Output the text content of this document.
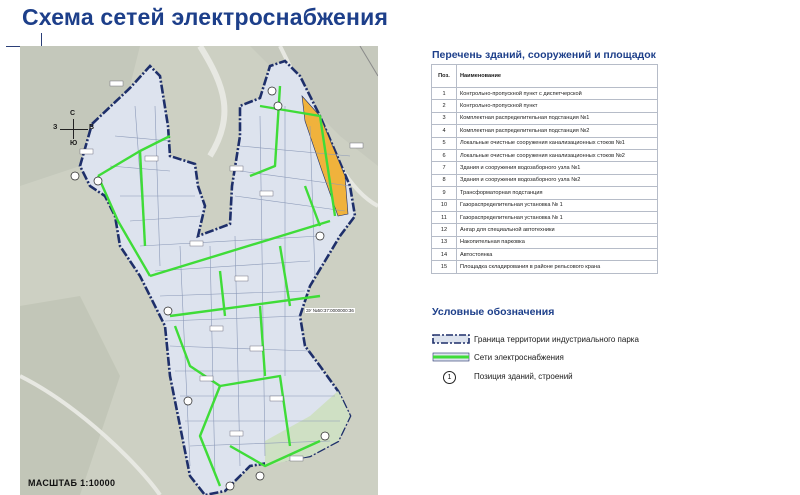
Схема сетей электроснабжения
С
Ю
З	В
ЗУ №50:37:0000000:36
МАСШТАБ 1:10000
Перечень зданий, сооружений и площадок
Поз.	Наименование
1	Контрольно-пропускной пункт с диспетчерской
2	Контрольно-пропускной пункт
3	Комплектная распределительная подстанция №1
4	Комплектная распределительная подстанция №2
5	Локальные очистные сооружения канализационных стоков №1
6	Локальные очистные сооружения канализационных стоков №2
7	Здания и сооружения водозаборного узла №1
8	Здания и сооружения водозаборного узла №2
9	Трансформаторная подстанция
10	Газораспределительная установка № 1
11	Газораспределительная установка № 1
12	Ангар для специальной автотехники
13	Накопительная парковка
14	Автостоянка
15	Площадка складирования в районе рельсового крана
Условные обозначения
Граница территории индустриального парка
Сети электроснабжения
1	Позиция зданий, строений
